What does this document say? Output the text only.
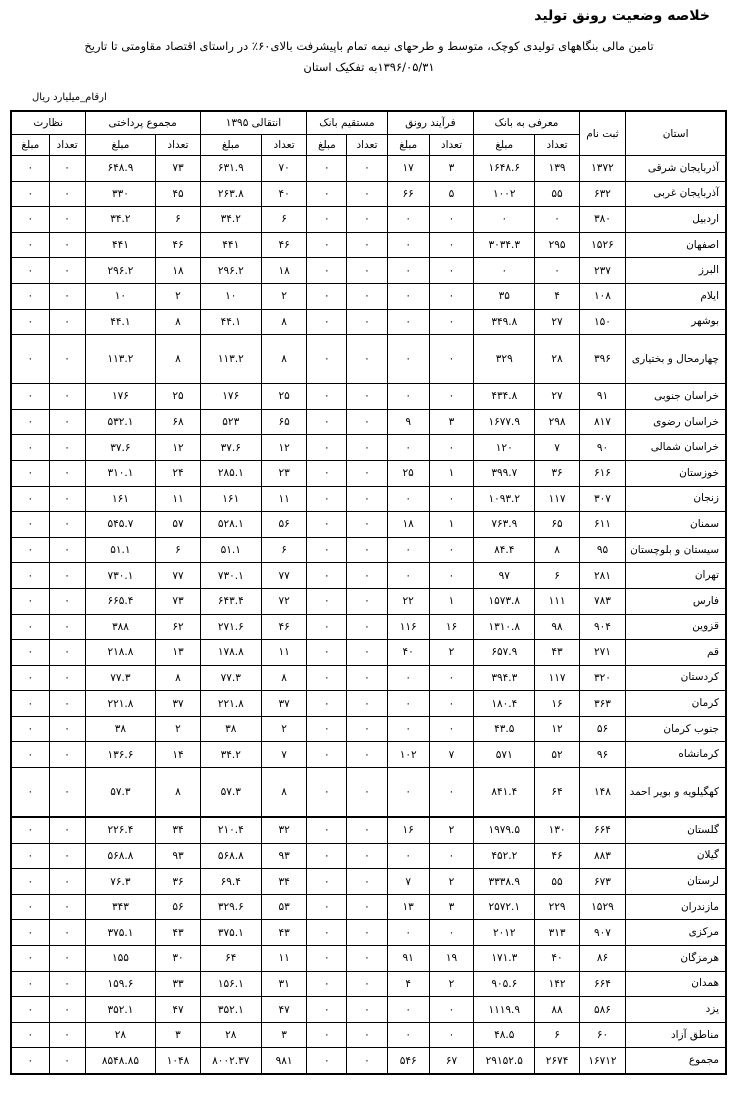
خلاصه وضعیت رونق تولید
تامین مالی بنگاههای تولیدی کوچک، متوسط و طرحهای نیمه تمام باپیشرفت بالای۶۰٪ در راستای اقتصاد مقاومتی تا تاریخ
۱۳۹۶/۰۵/۳۱به تفکیک استان
ارقام_میلیارد ریال
استان	ثبت نام	معرفی به بانک		فرآیند رونق		مستقیم بانک		انتقالی ۱۳۹۵		مجموع پرداختی		نظارت	
		تعداد	مبلغ	تعداد	مبلغ	تعداد	مبلغ	تعداد	مبلغ	تعداد	مبلغ	تعداد	مبلغ
آذربایجان شرقی	۱۳۷۲	۱۳۹	۱۶۴۸.۶	۳	۱۷	۰	۰	۷۰	۶۳۱.۹	۷۳	۶۴۸.۹	۰	۰
آذربایجان غربی	۶۳۲	۵۵	۱۰۰۲	۵	۶۶	۰	۰	۴۰	۲۶۳.۸	۴۵	۳۳۰	۰	۰
اردبیل	۳۸۰	۰	۰	۰	۰	۰	۰	۶	۳۴.۲	۶	۳۴.۲	۰	۰
اصفهان	۱۵۲۶	۲۹۵	۳۰۳۴.۳	۰	۰	۰	۰	۴۶	۴۴۱	۴۶	۴۴۱	۰	۰
البرز	۲۳۷	۰	۰	۰	۰	۰	۰	۱۸	۲۹۶.۲	۱۸	۲۹۶.۲	۰	۰
ایلام	۱۰۸	۴	۳۵	۰	۰	۰	۰	۲	۱۰	۲	۱۰	۰	۰
بوشهر	۱۵۰	۲۷	۳۴۹.۸	۰	۰	۰	۰	۸	۴۴.۱	۸	۴۴.۱	۰	۰
چهارمحال و بختیاری	۳۹۶	۲۸	۳۲۹	۰	۰	۰	۰	۸	۱۱۳.۲	۸	۱۱۳.۲	۰	۰
خراسان جنوبی	۹۱	۲۷	۴۳۴.۸	۰	۰	۰	۰	۲۵	۱۷۶	۲۵	۱۷۶	۰	۰
خراسان رضوی	۸۱۷	۲۹۸	۱۶۷۷.۹	۳	۹	۰	۰	۶۵	۵۲۳	۶۸	۵۳۲.۱	۰	۰
خراسان شمالی	۹۰	۷	۱۲۰	۰	۰	۰	۰	۱۲	۳۷.۶	۱۲	۳۷.۶	۰	۰
خوزستان	۶۱۶	۳۶	۳۹۹.۷	۱	۲۵	۰	۰	۲۳	۲۸۵.۱	۲۴	۳۱۰.۱	۰	۰
زنجان	۳۰۷	۱۱۷	۱۰۹۳.۲	۰	۰	۰	۰	۱۱	۱۶۱	۱۱	۱۶۱	۰	۰
سمنان	۶۱۱	۶۵	۷۶۳.۹	۱	۱۸	۰	۰	۵۶	۵۲۸.۱	۵۷	۵۴۵.۷	۰	۰
سیستان و بلوچستان	۹۵	۸	۸۴.۴	۰	۰	۰	۰	۶	۵۱.۱	۶	۵۱.۱	۰	۰
تهران	۲۸۱	۶	۹۷	۰	۰	۰	۰	۷۷	۷۳۰.۱	۷۷	۷۳۰.۱	۰	۰
فارس	۷۸۳	۱۱۱	۱۵۷۳.۸	۱	۲۲	۰	۰	۷۲	۶۴۳.۴	۷۳	۶۶۵.۴	۰	۰
قزوین	۹۰۴	۹۸	۱۳۱۰.۸	۱۶	۱۱۶	۰	۰	۴۶	۲۷۱.۶	۶۲	۳۸۸	۰	۰
قم	۲۷۱	۴۳	۶۵۷.۹	۲	۴۰	۰	۰	۱۱	۱۷۸.۸	۱۳	۲۱۸.۸	۰	۰
کردستان	۳۲۰	۱۱۷	۳۹۴.۳	۰	۰	۰	۰	۸	۷۷.۳	۸	۷۷.۳	۰	۰
کرمان	۳۶۳	۱۶	۱۸۰.۴	۰	۰	۰	۰	۳۷	۲۲۱.۸	۳۷	۲۲۱.۸	۰	۰
جنوب کرمان	۵۶	۱۲	۴۳.۵	۰	۰	۰	۰	۲	۳۸	۲	۳۸	۰	۰
کرمانشاه	۹۶	۵۲	۵۷۱	۷	۱۰۲	۰	۰	۷	۳۴.۲	۱۴	۱۳۶.۶	۰	۰
کهگیلویه و بویر احمد	۱۴۸	۶۴	۸۴۱.۴	۰	۰	۰	۰	۸	۵۷.۳	۸	۵۷.۳	۰	۰
گلستان	۶۶۴	۱۳۰	۱۹۷۹.۵	۲	۱۶	۰	۰	۳۲	۲۱۰.۴	۳۴	۲۲۶.۴	۰	۰
گیلان	۸۸۳	۴۶	۴۵۲.۲	۰	۰	۰	۰	۹۳	۵۶۸.۸	۹۳	۵۶۸.۸	۰	۰
لرستان	۶۷۳	۵۵	۳۳۳۸.۹	۲	۷	۰	۰	۳۴	۶۹.۴	۳۶	۷۶.۳	۰	۰
مازندران	۱۵۲۹	۲۲۹	۲۵۷۲.۱	۳	۱۳	۰	۰	۵۳	۳۲۹.۶	۵۶	۳۴۳	۰	۰
مرکزی	۹۰۷	۳۱۳	۲۰۱۲	۰	۰	۰	۰	۴۳	۳۷۵.۱	۴۳	۳۷۵.۱	۰	۰
هرمزگان	۸۶	۴۰	۱۷۱.۳	۱۹	۹۱	۰	۰	۱۱	۶۴	۳۰	۱۵۵	۰	۰
همدان	۶۶۴	۱۴۲	۹۰۵.۶	۲	۴	۰	۰	۳۱	۱۵۶.۱	۳۳	۱۵۹.۶	۰	۰
یزد	۵۸۶	۸۸	۱۱۱۹.۹	۰	۰	۰	۰	۴۷	۳۵۲.۱	۴۷	۳۵۲.۱	۰	۰
مناطق آزاد	۶۰	۶	۴۸.۵	۰	۰	۰	۰	۳	۲۸	۳	۲۸	۰	۰
مجموع	۱۶۷۱۲	۲۶۷۴	۲۹۱۵۲.۵	۶۷	۵۴۶	۰	۰	۹۸۱	۸۰۰۲.۳۷	۱۰۴۸	۸۵۴۸.۸۵	۰	۰
